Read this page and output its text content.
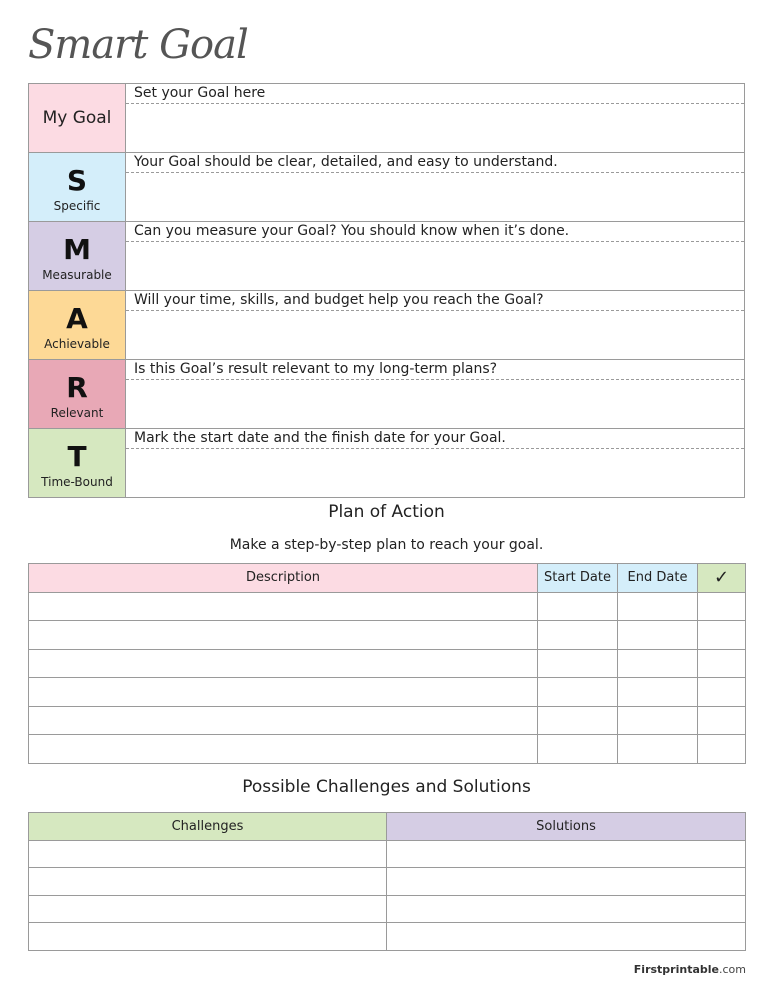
Smart Goal
My Goal	Set your Goal here

S
Specific	Your Goal should be clear, detailed, and easy to understand.

M
Measurable	Can you measure your Goal? You should know when it’s done.

A
Achievable	Will your time, skills, and budget help you reach the Goal?

R
Relevant	Is this Goal’s result relevant to my long-term plans?

T
Time-Bound	Mark the start date and the finish date for your Goal.
Plan of Action
Make a step-by-step plan to reach your goal.
Description	Start Date	End Date	✓

Possible Challenges and Solutions
Challenges	Solutions

Firstprintable.com
